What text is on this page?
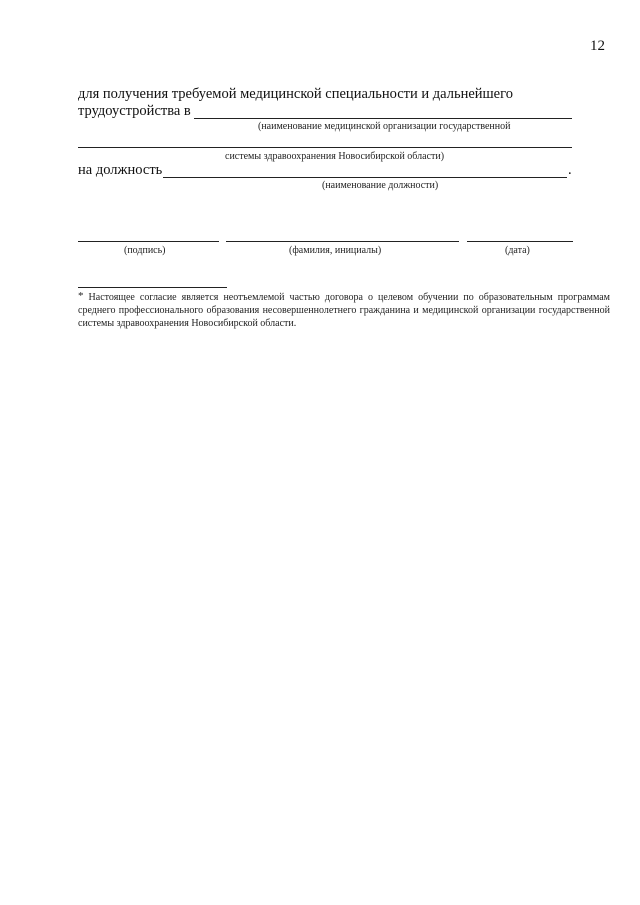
12
для получения требуемой медицинской специальности и дальнейшего
трудоустройства в
(наименование медицинской организации государственной
системы здравоохранения Новосибирской области)
на должность	.
(наименование должности)
(подпись)	(фамилия, инициалы)	(дата)
* Настоящее согласие является неотъемлемой частью договора о целевом обучении по образовательным программам среднего профессионального образования несовершеннолетнего гражданина и медицинской организации государственной системы здравоохранения Новосибирской области.
